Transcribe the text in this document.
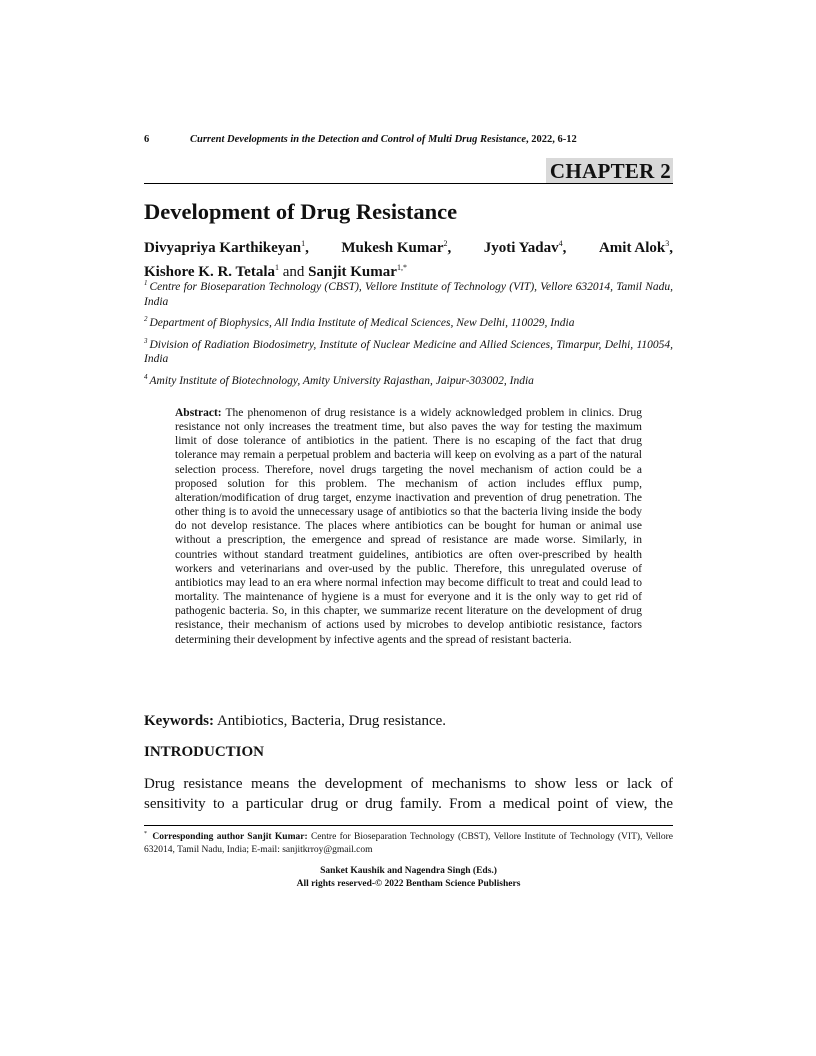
6	Current Developments in the Detection and Control of Multi Drug Resistance, 2022, 6-12
CHAPTER 2
Development of Drug Resistance
Divyapriya Karthikeyan$^1$, Mukesh Kumar$^2$, Jyoti Yadav$^4$, Amit Alok$^3$,
Kishore K. R. Tetala$^1$ and Sanjit Kumar$^{1,*}$

$^1$ Centre for Bioseparation Technology (CBST), Vellore Institute of Technology (VIT), Vellore 632014, Tamil Nadu, India

$^2$ Department of Biophysics, All India Institute of Medical Sciences, New Delhi, 110029, India

$^3$ Division of Radiation Biodosimetry, Institute of Nuclear Medicine and Allied Sciences, Timarpur, Delhi, 110054, India

$^4$ Amity Institute of Biotechnology, Amity University Rajasthan, Jaipur-303002, India

Abstract: The phenomenon of drug resistance is a widely acknowledged problem in clinics. Drug resistance not only increases the treatment time, but also paves the way for testing the maximum limit of dose tolerance of antibiotics in the patient. There is no escaping of the fact that drug tolerance may remain a perpetual problem and bacteria will keep on evolving as a part of the natural selection process. Therefore, novel drugs targeting the novel mechanism of action could be a proposed solution for this problem. The mechanism of action includes efflux pump, alteration/modification of drug target, enzyme inactivation and prevention of drug penetration. The other thing is to avoid the unnecessary usage of antibiotics so that the bacteria living inside the body do not develop resistance. The places where antibiotics can be bought for human or animal use without a prescription, the emergence and spread of resistance are made worse. Similarly, in countries without standard treatment guidelines, antibiotics are often over-prescribed by health workers and veterinarians and over-used by the public. Therefore, this unregulated overuse of antibiotics may lead to an era where normal infection may become difficult to treat and could lead to mortality. The maintenance of hygiene is a must for everyone and it is the only way to get rid of pathogenic bacteria. So, in this chapter, we summarize recent literature on the development of drug resistance, their mechanism of actions used by microbes to develop antibiotic resistance, factors determining their development by infective agents and the spread of resistant bacteria.
Keywords: Antibiotics, Bacteria, Drug resistance.
INTRODUCTION
Drug resistance means the development of mechanisms to show less or lack of
sensitivity to a particular drug or drug family. From a medical point of view, the
* Corresponding author Sanjit Kumar: Centre for Bioseparation Technology (CBST), Vellore Institute of Technology (VIT), Vellore 632014, Tamil Nadu, India; E-mail: sanjitkrroy@gmail.com
Sanket Kaushik and Nagendra Singh (Eds.)
All rights reserved-© 2022 Bentham Science Publishers
